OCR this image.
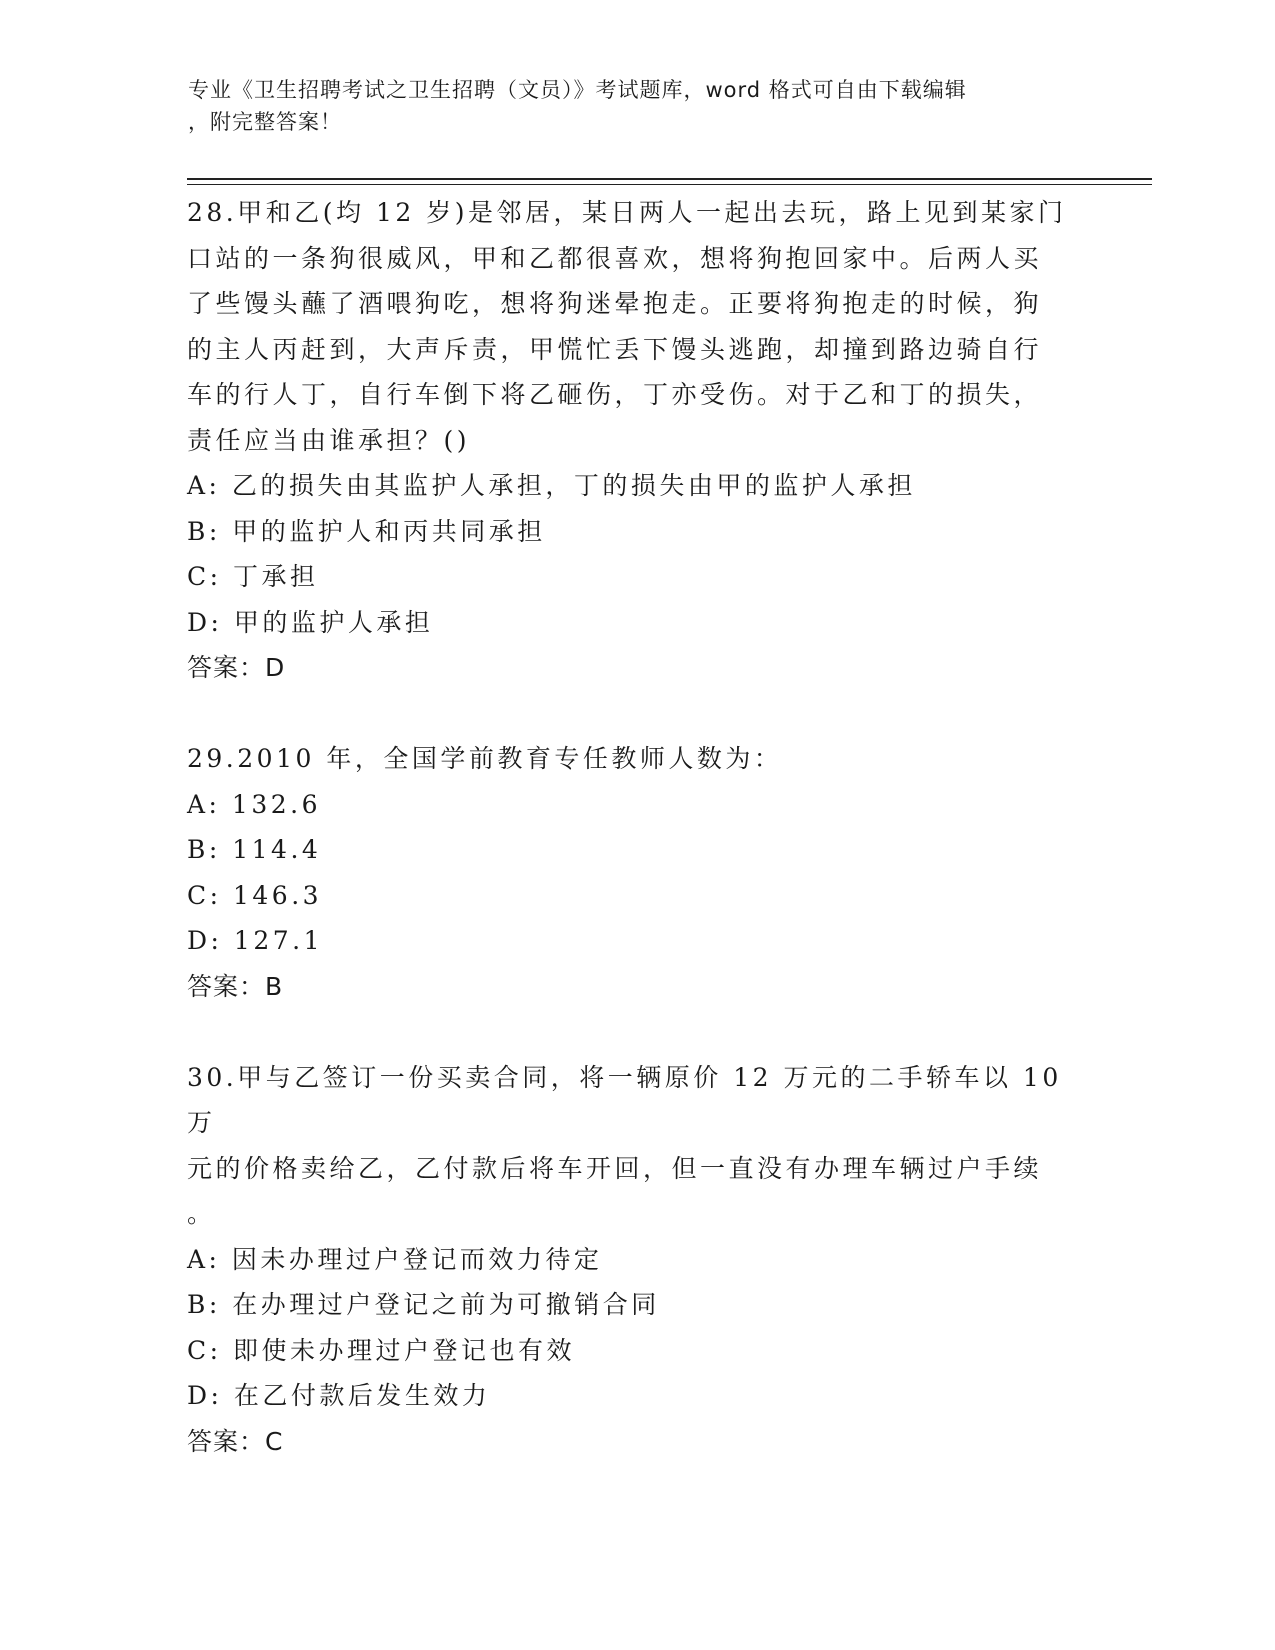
专业《卫生招聘考试之卫生招聘（文员）》考试题库，word 格式可自由下载编辑
，附完整答案！
28.甲和乙(均 12 岁)是邻居，某日两人一起出去玩，路上见到某家门
口站的一条狗很威风，甲和乙都很喜欢，想将狗抱回家中。后两人买
了些馒头蘸了酒喂狗吃，想将狗迷晕抱走。正要将狗抱走的时候，狗
的主人丙赶到，大声斥责，甲慌忙丢下馒头逃跑，却撞到路边骑自行
车的行人丁，自行车倒下将乙砸伤，丁亦受伤。对于乙和丁的损失，
责任应当由谁承担？()
A: 乙的损失由其监护人承担，丁的损失由甲的监护人承担
B: 甲的监护人和丙共同承担
C: 丁承担
D: 甲的监护人承担
答案：D
29.2010 年，全国学前教育专任教师人数为：
A: 132.6
B: 114.4
C: 146.3
D: 127.1
答案：B
30.甲与乙签订一份买卖合同，将一辆原价 12 万元的二手轿车以 10 万
元的价格卖给乙，乙付款后将车开回，但一直没有办理车辆过户手续
。
A: 因未办理过户登记而效力待定
B: 在办理过户登记之前为可撤销合同
C: 即使未办理过户登记也有效
D: 在乙付款后发生效力
答案：C
